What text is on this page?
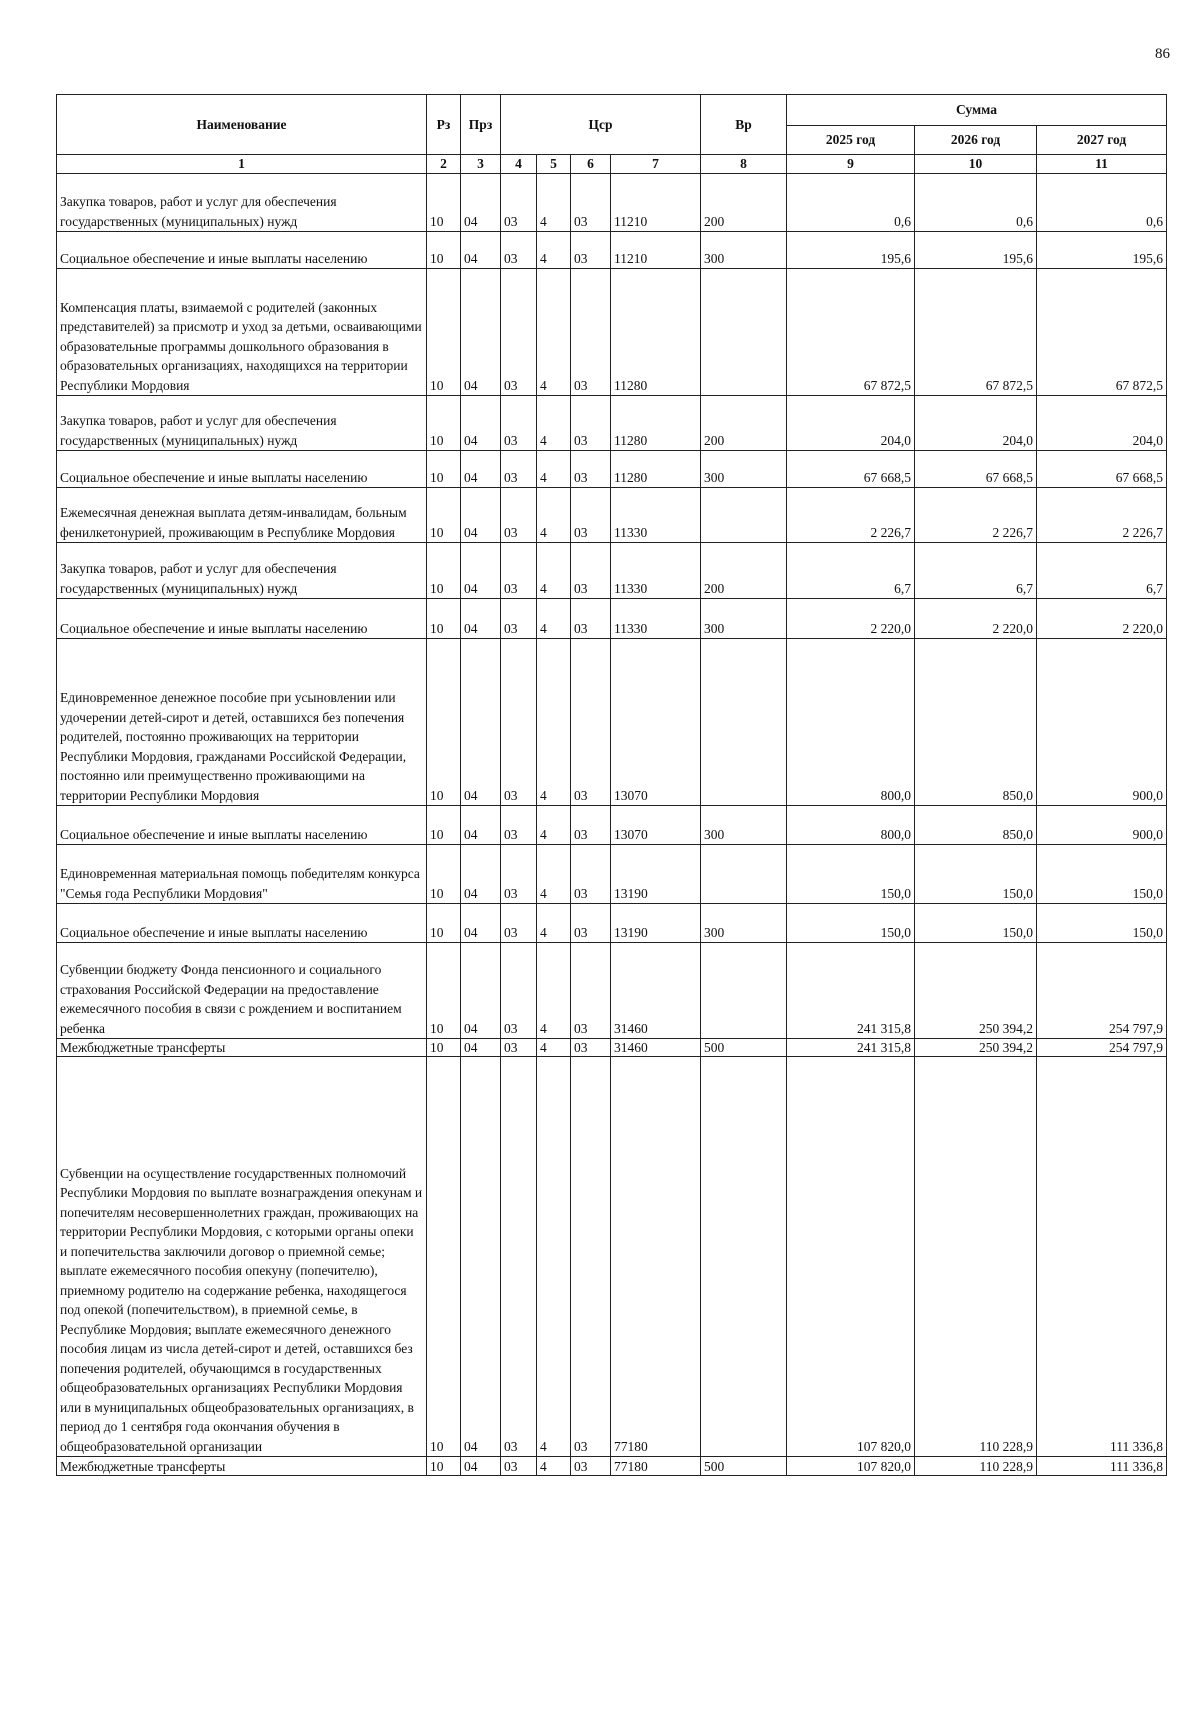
86
Наименование	Рз	Прз	Цср				Вр	Сумма		
								2025 год	2026 год	2027 год
1	2	3	4	5	6	7	8	9	10	11
Закупка товаров, работ и услуг для обеспечения государственных (муниципальных) нужд	10	04	03	4	03	11210	200	0,6	0,6	0,6
Социальное обеспечение и иные выплаты населению	10	04	03	4	03	11210	300	195,6	195,6	195,6
Компенсация платы, взимаемой с родителей (законных представителей) за присмотр и уход за детьми, осваивающими образовательные программы дошкольного образования в образовательных организациях, находящихся на территории Республики Мордовия	10	04	03	4	03	11280		67 872,5	67 872,5	67 872,5
Закупка товаров, работ и услуг для обеспечения государственных (муниципальных) нужд	10	04	03	4	03	11280	200	204,0	204,0	204,0
Социальное обеспечение и иные выплаты населению	10	04	03	4	03	11280	300	67 668,5	67 668,5	67 668,5
Ежемесячная денежная выплата детям-инвалидам, больным фенилкетонурией, проживающим в Республике Мордовия	10	04	03	4	03	11330		2 226,7	2 226,7	2 226,7
Закупка товаров, работ и услуг для обеспечения государственных (муниципальных) нужд	10	04	03	4	03	11330	200	6,7	6,7	6,7
Социальное обеспечение и иные выплаты населению	10	04	03	4	03	11330	300	2 220,0	2 220,0	2 220,0
Единовременное денежное пособие при усыновлении или удочерении детей-сирот и детей, оставшихся без попечения родителей, постоянно проживающих на территории Республики Мордовия, гражданами Российской Федерации, постоянно или преимущественно проживающими на территории Республики Мордовия	10	04	03	4	03	13070		800,0	850,0	900,0
Социальное обеспечение и иные выплаты населению	10	04	03	4	03	13070	300	800,0	850,0	900,0
Единовременная материальная помощь победителям конкурса "Семья года Республики Мордовия"	10	04	03	4	03	13190		150,0	150,0	150,0
Социальное обеспечение и иные выплаты населению	10	04	03	4	03	13190	300	150,0	150,0	150,0
Субвенции бюджету Фонда пенсионного и социального страхования Российской Федерации на предоставление ежемесячного пособия в связи с рождением и воспитанием ребенка	10	04	03	4	03	31460		241 315,8	250 394,2	254 797,9
Межбюджетные трансферты	10	04	03	4	03	31460	500	241 315,8	250 394,2	254 797,9
Субвенции на осуществление государственных полномочий Республики Мордовия по выплате вознаграждения опекунам и попечителям несовершеннолетних граждан, проживающих на территории Республики Мордовия, с которыми органы опеки и попечительства заключили договор о приемной семье; выплате ежемесячного пособия опекуну (попечителю), приемному родителю на содержание ребенка, находящегося под опекой (попечительством), в приемной семье, в Республике Мордовия; выплате ежемесячного денежного пособия лицам из числа детей-сирот и детей, оставшихся без попечения родителей, обучающимся в государственных общеобразовательных организациях Республики Мордовия или в муниципальных общеобразовательных организациях, в период до 1 сентября года окончания обучения в общеобразовательной организации	10	04	03	4	03	77180		107 820,0	110 228,9	111 336,8
Межбюджетные трансферты	10	04	03	4	03	77180	500	107 820,0	110 228,9	111 336,8
